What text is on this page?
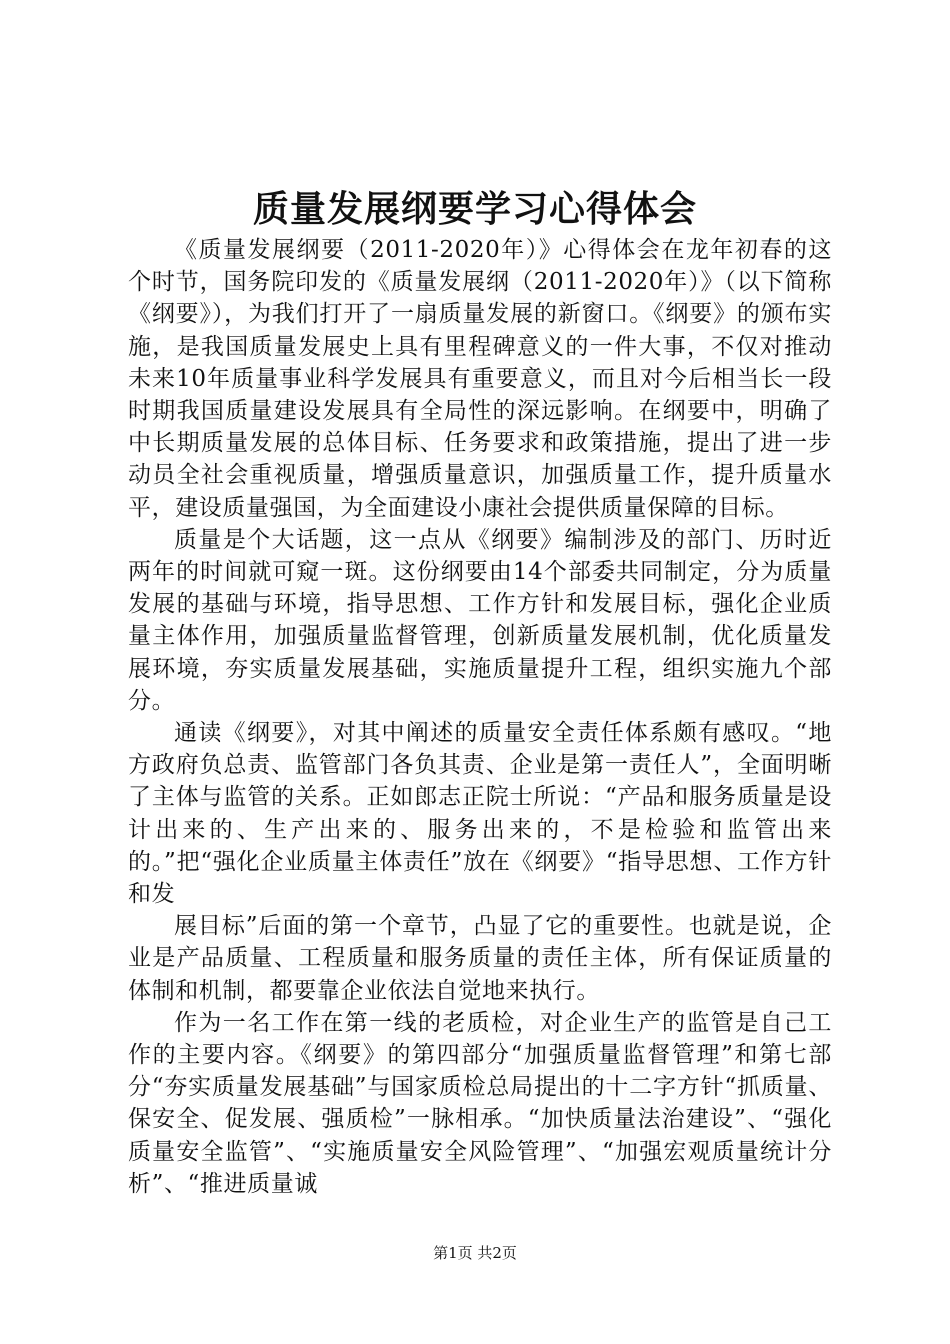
质量发展纲要学习心得体会

《质量发展纲要（2011-2020年）》心得体会在龙年初春的这个时节，国务院印发的《质量发展纲（2011-2020年）》（以下简称《纲要》），为我们打开了一扇质量发展的新窗口。《纲要》的颁布实施，是我国质量发展史上具有里程碑意义的一件大事，不仅对推动未来10年质量事业科学发展具有重要意义，而且对今后相当长一段时期我国质量建设发展具有全局性的深远影响。在纲要中，明确了中长期质量发展的总体目标、任务要求和政策措施，提出了进一步动员全社会重视质量，增强质量意识，加强质量工作，提升质量水平，建设质量强国，为全面建设小康社会提供质量保障的目标。

质量是个大话题，这一点从《纲要》编制涉及的部门、历时近两年的时间就可窥一斑。这份纲要由14个部委共同制定，分为质量发展的基础与环境，指导思想、工作方针和发展目标，强化企业质量主体作用，加强质量监督管理，创新质量发展机制，优化质量发展环境，夯实质量发展基础，实施质量提升工程，组织实施九个部分。

通读《纲要》，对其中阐述的质量安全责任体系颇有感叹。“地方政府负总责、监管部门各负其责、企业是第一责任人”，全面明晰了主体与监管的关系。正如郎志正院士所说：“产品和服务质量是设计出来的、生产出来的、服务出来的，不是检验和监管出来的。”把“强化企业质量主体责任”放在《纲要》“指导思想、工作方针和发

展目标”后面的第一个章节，凸显了它的重要性。也就是说，企业是产品质量、工程质量和服务质量的责任主体，所有保证质量的体制和机制，都要靠企业依法自觉地来执行。

作为一名工作在第一线的老质检，对企业生产的监管是自己工作的主要内容。《纲要》的第四部分“加强质量监督管理”和第七部分“夯实质量发展基础”与国家质检总局提出的十二字方针“抓质量、保安全、促发展、强质检”一脉相承。“加快质量法治建设”、“强化质量安全监管”、“实施质量安全风险管理”、“加强宏观质量统计分析”、“推进质量诚

第1页 共2页
